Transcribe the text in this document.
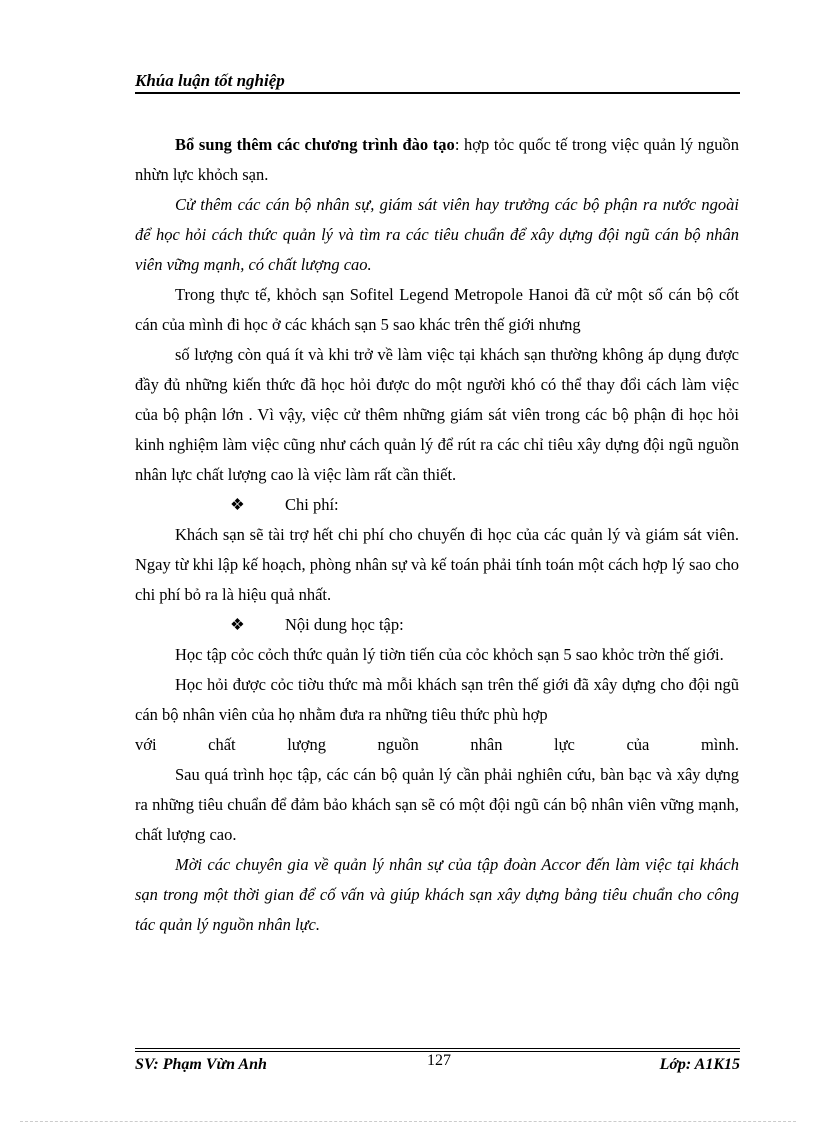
Khúa luận tốt nghiệp

Bổ sung thêm các chương trình đào tạo: hợp tỏc quốc tế trong việc quản lý nguồn nhừn lực khỏch sạn.

Cử thêm các cán bộ nhân sự, giám sát viên hay trưởng các bộ phận ra nước ngoài để học hỏi cách thức quản lý và tìm ra các tiêu chuẩn để xây dựng đội ngũ cán bộ nhân viên vững mạnh, có chất lượng cao.

Trong thực tế, khỏch sạn Sofitel Legend Metropole Hanoi đã cử một số cán bộ cốt cán của mình đi học ở các khách sạn 5 sao khác trên thế giới nhưng

số lượng còn quá ít và khi trở về làm việc tại khách sạn thường không áp dụng được đầy đủ những kiến thức đã học hỏi được do một người khó có thể thay đổi cách làm việc của bộ phận lớn . Vì vậy, việc cử thêm những giám sát viên trong các bộ phận đi học hỏi kinh nghiệm làm việc cũng như cách quản lý để rút ra các chỉ tiêu xây dựng đội ngũ nguồn nhân lực chất lượng cao là việc làm rất cần thiết.

❖	Chi phí:

Khách sạn sẽ tài trợ hết chi phí cho chuyến đi học của các quản lý và giám sát viên. Ngay từ khi lập kế hoạch, phòng nhân sự và kế toán phải tính toán một cách hợp lý sao cho chi phí bỏ ra là hiệu quả nhất.

❖	Nội dung học tập:

Học tập cỏc cỏch thức quản lý tiờn tiến của cỏc khỏch sạn 5 sao khỏc trờn thế giới.

Học hỏi được cỏc tiờu thức mà mỗi khách sạn trên thế giới đã xây dựng cho đội ngũ cán bộ nhân viên của họ nhằm đưa ra những tiêu thức phù hợp

với	chất	lượng	nguồn	nhân	lực	của	mình.

Sau quá trình học tập, các cán bộ quản lý cần phải nghiên cứu, bàn bạc và xây dựng ra những tiêu chuẩn để đảm bảo khách sạn sẽ có một đội ngũ cán bộ nhân viên vững mạnh, chất lượng cao.

Mời các chuyên gia về quản lý nhân sự của tập đoàn Accor đến làm việc tại khách sạn trong một thời gian để cố vấn và giúp khách sạn xây dựng bảng tiêu chuẩn cho công tác quản lý nguồn nhân lực.

SV: Phạm Vừn Anh	127	Lớp: A1K15
